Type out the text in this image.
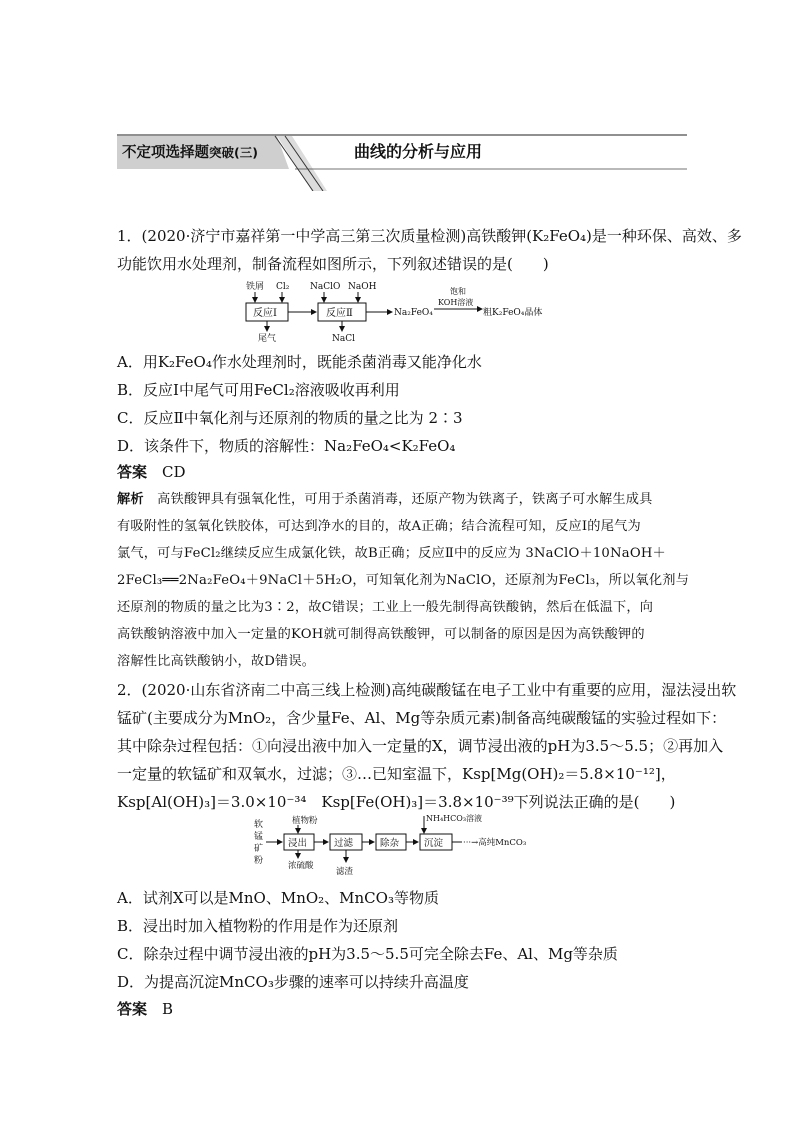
不定项选择题突破(三)	曲线的分析与应用
1．(2020·济宁市嘉祥第一中学高三第三次质量检测)高铁酸钾(K₂FeO₄)是一种环保、高效、多
功能饮用水处理剂，制备流程如图所示，下列叙述错误的是(　　)
铁屑 Cl₂ NaClO NaOH
反应Ⅰ	反应Ⅱ
尾气	NaCl
Na₂FeO₄
饱和
KOH溶液
粗K₂FeO₄晶体
A．用K₂FeO₄作水处理剂时，既能杀菌消毒又能净化水
B．反应Ⅰ中尾气可用FeCl₂溶液吸收再利用
C．反应Ⅱ中氧化剂与还原剂的物质的量之比为 2∶3
D．该条件下，物质的溶解性：Na₂FeO₄<K₂FeO₄
答案  CD
解析  高铁酸钾具有强氧化性，可用于杀菌消毒，还原产物为铁离子，铁离子可水解生成具
有吸附性的氢氧化铁胶体，可达到净水的目的，故A正确；结合流程可知，反应Ⅰ的尾气为
氯气，可与FeCl₂继续反应生成氯化铁，故B正确；反应Ⅱ中的反应为 3NaClO＋10NaOH＋
2FeCl₃══2Na₂FeO₄＋9NaCl＋5H₂O，可知氧化剂为NaClO，还原剂为FeCl₃，所以氧化剂与
还原剂的物质的量之比为3∶2，故C错误；工业上一般先制得高铁酸钠，然后在低温下，向
高铁酸钠溶液中加入一定量的KOH就可制得高铁酸钾，可以制备的原因是因为高铁酸钾的
溶解性比高铁酸钠小，故D错误。
2．(2020·山东省济南二中高三线上检测)高纯碳酸锰在电子工业中有重要的应用，湿法浸出软
锰矿(主要成分为MnO₂，含少量Fe、Al、Mg等杂质元素)制备高纯碳酸锰的实验过程如下：
其中除杂过程包括：①向浸出液中加入一定量的X，调节浸出液的pH为3.5～5.5；②再加入
一定量的软锰矿和双氧水，过滤；③…已知室温下，Ksp[Mg(OH)₂＝5.8×10⁻¹²]，
Ksp[Al(OH)₃]＝3.0×10⁻³⁴　Ksp[Fe(OH)₃]＝3.8×10⁻³⁹下列说法正确的是(　　)
软
锰
矿
粉
植物粉
浸出
浓硫酸
过滤
滤渣
除杂
NH₄HCO₃溶液
沉淀 ···→高纯MnCO₃
A．试剂X可以是MnO、MnO₂、MnCO₃等物质
B．浸出时加入植物粉的作用是作为还原剂
C．除杂过程中调节浸出液的pH为3.5～5.5可完全除去Fe、Al、Mg等杂质
D．为提高沉淀MnCO₃步骤的速率可以持续升高温度
答案  B
